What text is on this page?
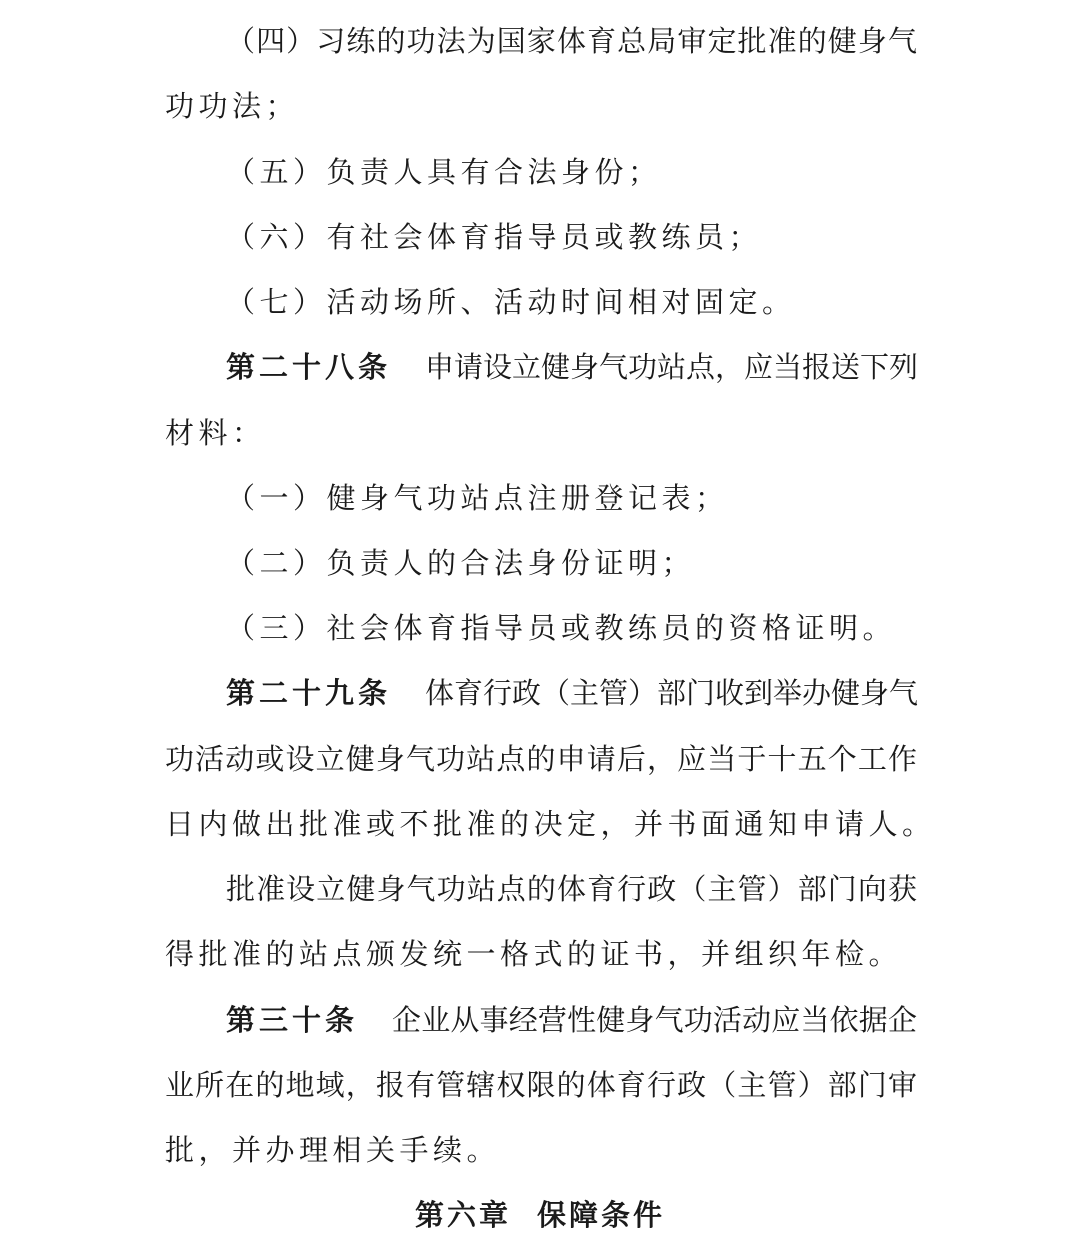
（四）习练的功法为国家体育总局审定批准的健身气
功功法；
（五）负责人具有合法身份；
（六）有社会体育指导员或教练员；
（七）活动场所、活动时间相对固定。
第二十八条 申请设立健身气功站点，应当报送下列
材料：
（一）健身气功站点注册登记表；
（二）负责人的合法身份证明；
（三）社会体育指导员或教练员的资格证明。
第二十九条 体育行政（主管）部门收到举办健身气
功活动或设立健身气功站点的申请后，应当于十五个工作
日内做出批准或不批准的决定，并书面通知申请人。
批准设立健身气功站点的体育行政（主管）部门向获
得批准的站点颁发统一格式的证书，并组织年检。
第三十条 企业从事经营性健身气功活动应当依据企
业所在的地域，报有管辖权限的体育行政（主管）部门审
批，并办理相关手续。
第六章 保障条件
